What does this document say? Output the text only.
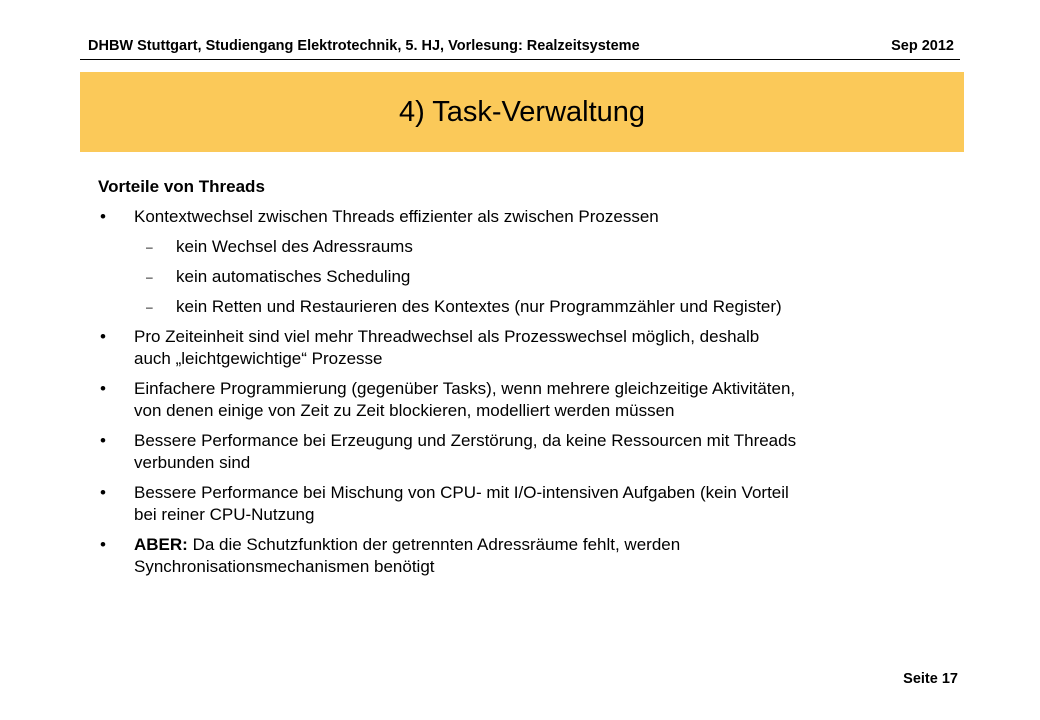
DHBW Stuttgart, Studiengang Elektrotechnik, 5. HJ, Vorlesung: Realzeitsysteme	Sep 2012
4) Task-Verwaltung
Vorteile von Threads
• Kontextwechsel zwischen Threads effizienter als zwischen Prozessen
– kein Wechsel des Adressraums
– kein automatisches Scheduling
– kein Retten und Restaurieren des Kontextes (nur Programmzähler und Register)
• Pro Zeiteinheit sind viel mehr Threadwechsel als Prozesswechsel möglich, deshalb
auch „leichtgewichtige“ Prozesse
• Einfachere Programmierung (gegenüber Tasks), wenn mehrere gleichzeitige Aktivitäten,
von denen einige von Zeit zu Zeit blockieren, modelliert werden müssen
• Bessere Performance bei Erzeugung und Zerstörung, da keine Ressourcen mit Threads
verbunden sind
• Bessere Performance bei Mischung von CPU- mit I/O-intensiven Aufgaben (kein Vorteil
bei reiner CPU-Nutzung
• ABER: Da die Schutzfunktion der getrennten Adressräume fehlt, werden
Synchronisationsmechanismen benötigt
Seite 17
